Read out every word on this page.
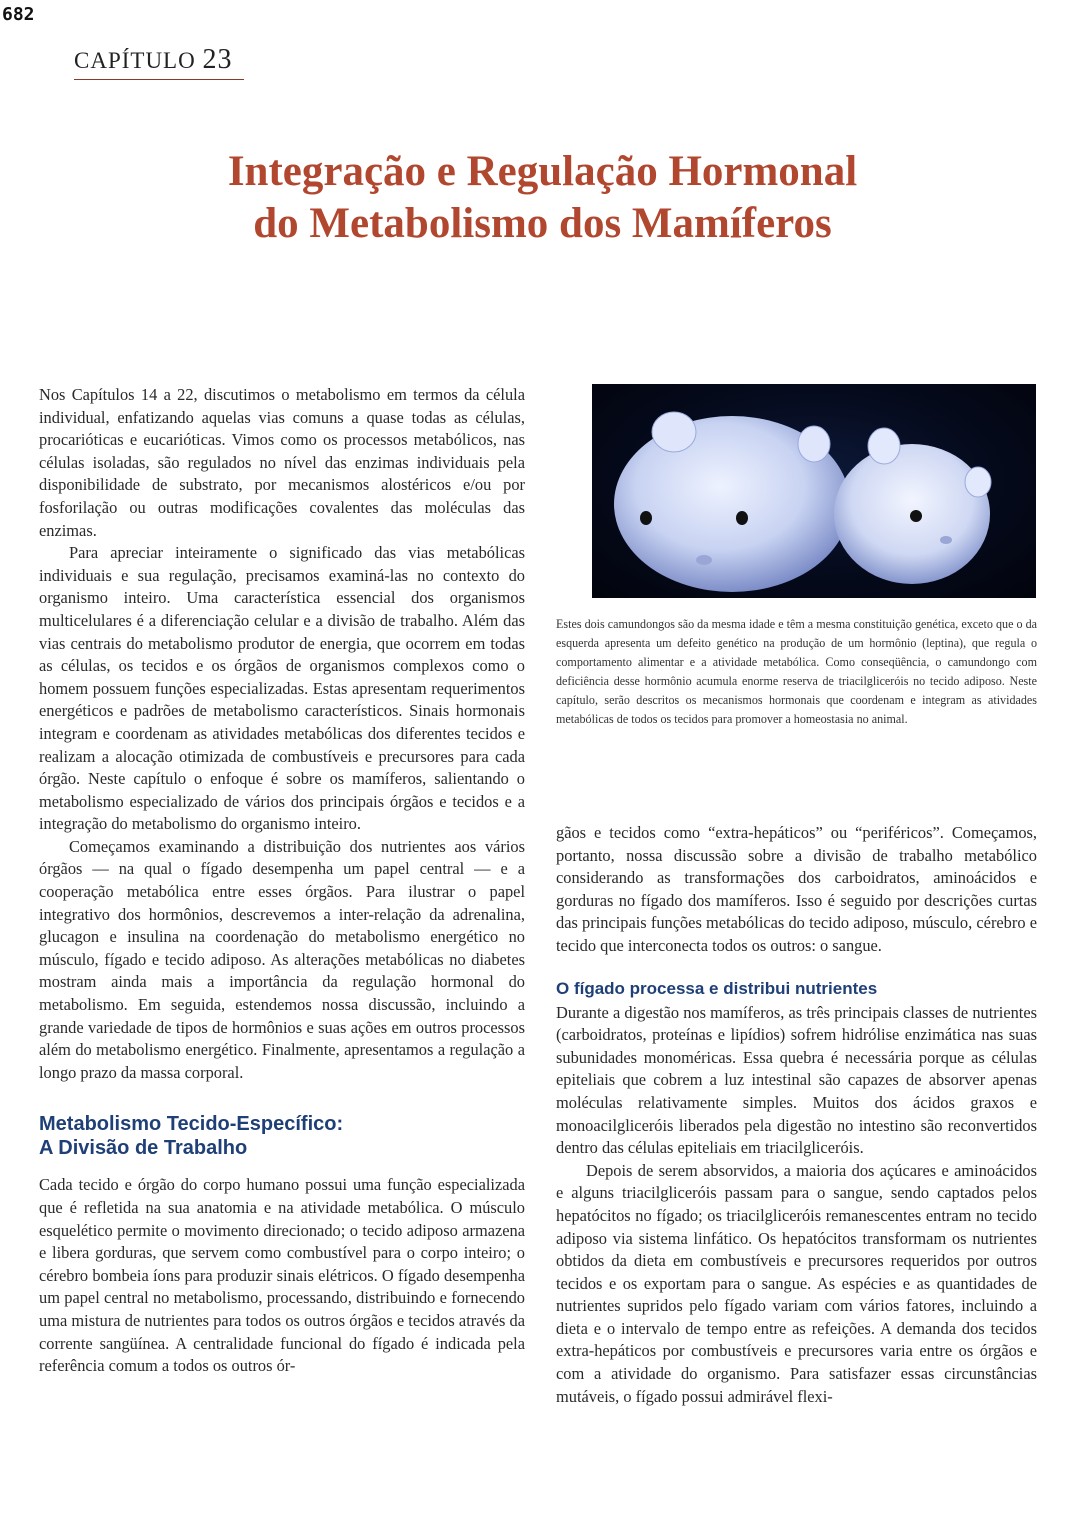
682
CAPÍTULO 23
Integração e Regulação Hormonal
do Metabolismo dos Mamíferos

Nos Capítulos 14 a 22, discutimos o metabolismo em termos da célula individual, enfatizando aquelas vias comuns a quase todas as células, procarióticas e eucarióticas. Vimos como os processos metabólicos, nas células isoladas, são regulados no nível das enzimas individuais pela disponibilidade de substrato, por mecanismos alostéricos e/ou por fosforilação ou outras modificações covalentes das moléculas das enzimas.

Para apreciar inteiramente o significado das vias metabólicas individuais e sua regulação, precisamos examiná-las no contexto do organismo inteiro. Uma característica essencial dos organismos multicelulares é a diferenciação celular e a divisão de trabalho. Além das vias centrais do metabolismo produtor de energia, que ocorrem em todas as células, os tecidos e os órgãos de organismos complexos como o homem possuem funções especializadas. Estas apresentam requerimentos energéticos e padrões de metabolismo característicos. Sinais hormonais integram e coordenam as atividades metabólicas dos diferentes tecidos e realizam a alocação otimizada de combustíveis e precursores para cada órgão. Neste capítulo o enfoque é sobre os mamíferos, salientando o metabolismo especializado de vários dos principais órgãos e tecidos e a integração do metabolismo do organismo inteiro.

Começamos examinando a distribuição dos nutrientes aos vários órgãos — na qual o fígado desempenha um papel central — e a cooperação metabólica entre esses órgãos. Para ilustrar o papel integrativo dos hormônios, descrevemos a inter-relação da adrenalina, glucagon e insulina na coordenação do metabolismo energético no músculo, fígado e tecido adiposo. As alterações metabólicas no diabetes mostram ainda mais a importância da regulação hormonal do metabolismo. Em seguida, estendemos nossa discussão, incluindo a grande variedade de tipos de hormônios e suas ações em outros processos além do metabolismo energético. Finalmente, apresentamos a regulação a longo prazo da massa corporal.

Metabolismo Tecido-Específico:
A Divisão de Trabalho

Cada tecido e órgão do corpo humano possui uma função especializada que é refletida na sua anatomia e na atividade metabólica. O músculo esquelético permite o movimento direcionado; o tecido adiposo armazena e libera gorduras, que servem como combustível para o corpo inteiro; o cérebro bombeia íons para produzir sinais elétricos. O fígado desempenha um papel central no metabolismo, processando, distribuindo e fornecendo uma mistura de nutrientes para todos os outros órgãos e tecidos através da corrente sangüínea. A centralidade funcional do fígado é indicada pela referência comum a todos os outros ór-

Estes dois camundongos são da mesma idade e têm a mesma constituição genética, exceto que o da esquerda apresenta um defeito genético na produção de um hormônio (leptina), que regula o comportamento alimentar e a atividade metabólica. Como conseqüência, o camundongo com deficiência desse hormônio acumula enorme reserva de triacilgliceróis no tecido adiposo. Neste capítulo, serão descritos os mecanismos hormonais que coordenam e integram as atividades metabólicas de todos os tecidos para promover a homeostasia no animal.

gãos e tecidos como “extra-hepáticos” ou “periféricos”. Começamos, portanto, nossa discussão sobre a divisão de trabalho metabólico considerando as transformações dos carboidratos, aminoácidos e gorduras no fígado dos mamíferos. Isso é seguido por descrições curtas das principais funções metabólicas do tecido adiposo, músculo, cérebro e tecido que interconecta todos os outros: o sangue.

O fígado processa e distribui nutrientes

Durante a digestão nos mamíferos, as três principais classes de nutrientes (carboidratos, proteínas e lipídios) sofrem hidrólise enzimática nas suas subunidades monoméricas. Essa quebra é necessária porque as células epiteliais que cobrem a luz intestinal são capazes de absorver apenas moléculas relativamente simples. Muitos dos ácidos graxos e monoacilgliceróis liberados pela digestão no intestino são reconvertidos dentro das células epiteliais em triacilgliceróis.

Depois de serem absorvidos, a maioria dos açúcares e aminoácidos e alguns triacilgliceróis passam para o sangue, sendo captados pelos hepatócitos no fígado; os triacilgliceróis remanescentes entram no tecido adiposo via sistema linfático. Os hepatócitos transformam os nutrientes obtidos da dieta em combustíveis e precursores requeridos por outros tecidos e os exportam para o sangue. As espécies e as quantidades de nutrientes supridos pelo fígado variam com vários fatores, incluindo a dieta e o intervalo de tempo entre as refeições. A demanda dos tecidos extra-hepáticos por combustíveis e precursores varia entre os órgãos e com a atividade do organismo. Para satisfazer essas circunstâncias mutáveis, o fígado possui admirável flexi-
